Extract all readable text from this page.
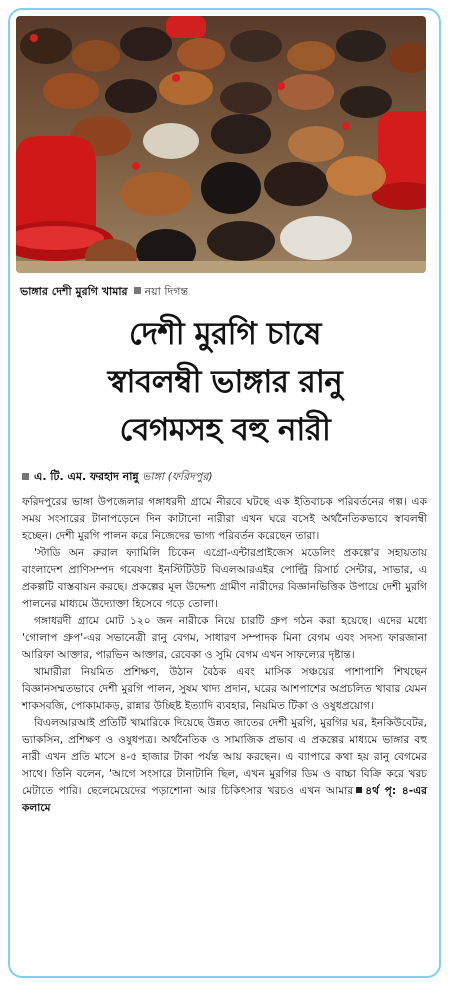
ভাঙ্গার দেশী মুরগি খামার নয়া দিগন্ত
দেশী মুরগি চাষে
স্বাবলম্বী ভাঙ্গার রানু
বেগমসহ বহু নারী
এ. টি. এম. ফরহাদ নান্নু ভাঙ্গা (ফরিদপুর)

ফরিদপুরের ভাঙ্গা উপজেলার গঙ্গাধরদী গ্রামে নীরবে ঘটছে এক ইতিবাচক পরিবর্তনের গল্প। এক সময় সংসারের টানাপড়েনে দিন কাটানো নারীরা এখন ঘরে বসেই অর্থনৈতিকভাবে স্বাবলম্বী হচ্ছেন। দেশী মুরগি পালন করে নিজেদের ভাগ্য পরিবর্তন করেছেন তারা।

'স্টাডি অন রুরাল ফ্যামিলি চিকেন এগ্রো-এন্টারপ্রাইজেস মডেলিং প্রকল্পে'র সহায়তায় বাংলাদেশ প্রাণিসম্পদ গবেষণা ইনস্টিটিউট বিএলআরএইর পোল্ট্রি রিসার্চ সেন্টার, সাভার, এ প্রকল্পটি বাস্তবায়ন করছে। প্রকল্পের মূল উদ্দেশ্য গ্রামীণ নারীদের বিজ্ঞানভিত্তিক উপায়ে দেশী মুরগি পালনের মাধ্যমে উদ্যোক্তা হিসেবে গড়ে তোলা।

গঙ্গাধরদী গ্রামে মোট ১২০ জন নারীকে নিয়ে চারটি গ্রুপ গঠন করা হয়েছে। এদের মধ্যে 'গোলাপ গ্রুপ'-এর সভানেত্রী রানু বেগম, সাধারণ সম্পাদক মিনা বেগম এবং সদস্য ফারজানা আরিফা আক্তার, পারভিন আক্তার, রেবেকা ও সুমি বেগম এখন সাফল্যের দৃষ্টান্ত।

খামারীরা নিয়মিত প্রশিক্ষণ, উঠান বৈঠক এবং মাসিক সঞ্চয়ের পাশাপাশি শিখছেন বিজ্ঞানসম্মতভাবে দেশী মুরগি পালন, সুষম খাদ্য প্রদান, ঘরের আশপাশের অপ্রচলিত খাবার যেমন শাকসবজি, পোকামাকড়, রান্নার উচ্ছিষ্ট ইত্যাদি ব্যবহার, নিয়মিত টিকা ও ওষুধপ্রয়োগ।

বিএলআরআই প্রতিটি খামারিকে দিয়েছে উন্নত জাতের দেশী মুরগি, মুরগির ঘর, ইনকিউবেটর, ভ্যাকসিন, প্রশিক্ষণ ও ওষুধপত্র। অর্থনৈতিক ও সামাজিক প্রভাব এ প্রকল্পের মাধ্যমে ভাঙ্গার বহু নারী এখন প্রতি মাসে ৪-৫ হাজার টাকা পর্যন্ত আয় করছেন। এ ব্যাপারে কথা হয় রানু বেগমের সাথে। তিনি বলেন, 'আগে সংসারে টানাটানি ছিল, এখন মুরগির ডিম ও বাচ্চা বিক্রি করে খরচ মেটাতে পারি। ছেলেমেয়েদের পড়াশোনা আর চিকিৎসার খরচও এখন আমার ৪র্থ পৃ: ৪-এর কলামে
